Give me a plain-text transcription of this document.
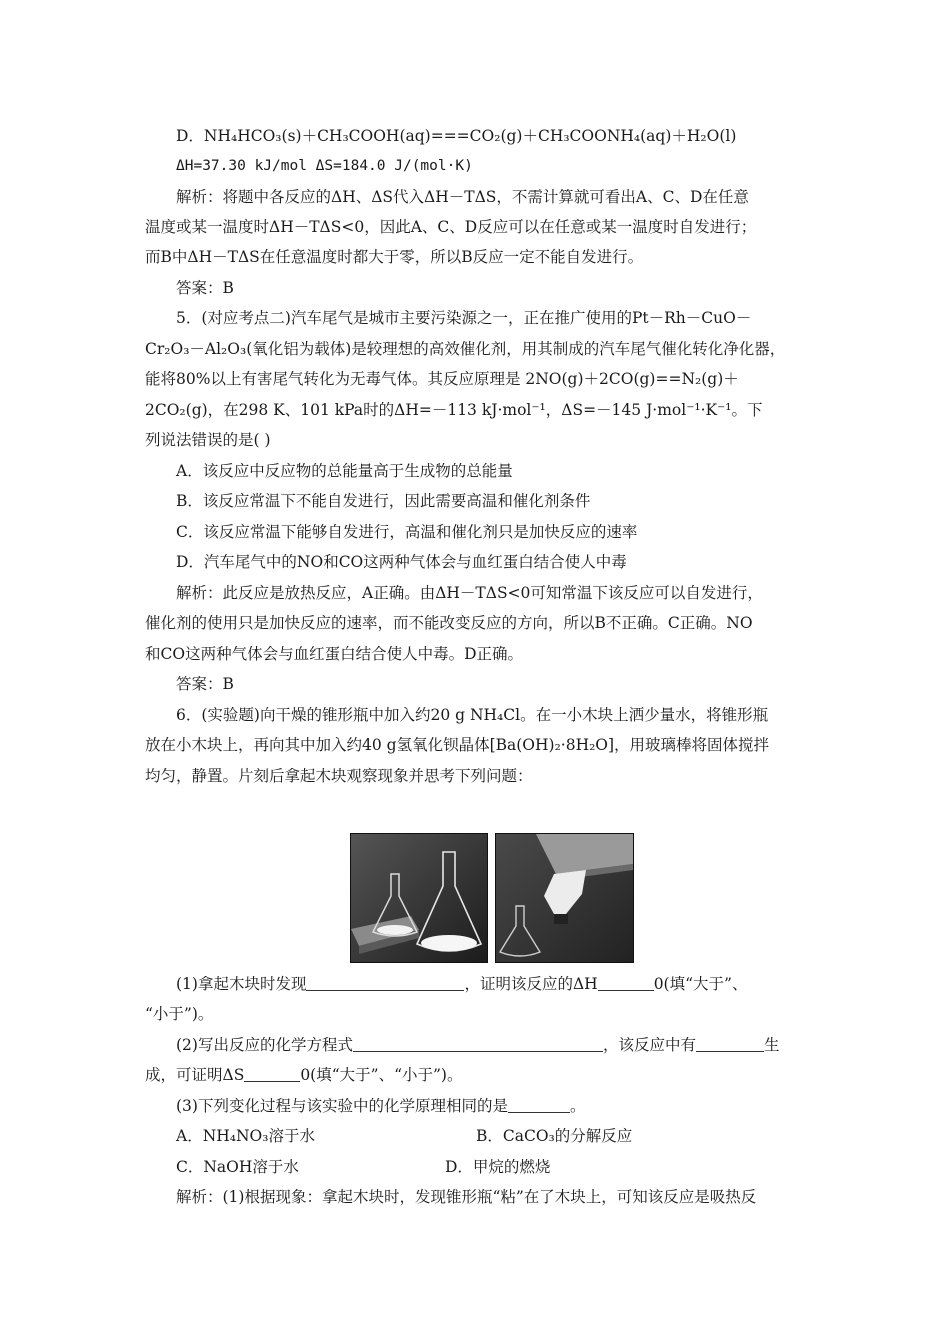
D．NH₄HCO₃(s)＋CH₃COOH(aq)===CO₂(g)＋CH₃COONH₄(aq)＋H₂O(l)
ΔH=37.30 kJ/mol ΔS=184.0 J/(mol·K)
解析：将题中各反应的ΔH、ΔS代入ΔH－TΔS，不需计算就可看出A、C、D在任意
温度或某一温度时ΔH－TΔS<0，因此A、C、D反应可以在任意或某一温度时自发进行；
而B中ΔH－TΔS在任意温度时都大于零，所以B反应一定不能自发进行。
答案：B
5．(对应考点二)汽车尾气是城市主要污染源之一，正在推广使用的Pt－Rh－CuO－
Cr₂O₃－Al₂O₃(氧化铝为载体)是较理想的高效催化剂，用其制成的汽车尾气催化转化净化器，
能将80%以上有害尾气转化为无毒气体。其反应原理是 2NO(g)＋2CO(g)==N₂(g)＋
2CO₂(g)，在298 K、101 kPa时的ΔH=－113 kJ·mol⁻¹，ΔS=－145 J·mol⁻¹·K⁻¹。下
列说法错误的是( )
A．该反应中反应物的总能量高于生成物的总能量
B．该反应常温下不能自发进行，因此需要高温和催化剂条件
C．该反应常温下能够自发进行，高温和催化剂只是加快反应的速率
D．汽车尾气中的NO和CO这两种气体会与血红蛋白结合使人中毒
解析：此反应是放热反应，A正确。由ΔH－TΔS<0可知常温下该反应可以自发进行，
催化剂的使用只是加快反应的速率，而不能改变反应的方向，所以B不正确。C正确。NO
和CO这两种气体会与血红蛋白结合使人中毒。D正确。
答案：B
6．(实验题)向干燥的锥形瓶中加入约20 g NH₄Cl。在一小木块上洒少量水，将锥形瓶
放在小木块上，再向其中加入约40 g氢氧化钡晶体[Ba(OH)₂·8H₂O]，用玻璃棒将固体搅拌
均匀，静置。片刻后拿起木块观察现象并思考下列问题：
(1)拿起木块时发现	，证明该反应的ΔH	0(填“大于”、
“小于”)。
(2)写出反应的化学方程式	，该反应中有	生
成，可证明ΔS	0(填“大于”、“小于”)。
(3)下列变化过程与该实验中的化学原理相同的是	。
A．NH₄NO₃溶于水	B．CaCO₃的分解反应
C．NaOH溶于水	D．甲烷的燃烧
解析：(1)根据现象：拿起木块时，发现锥形瓶“粘”在了木块上，可知该反应是吸热反
